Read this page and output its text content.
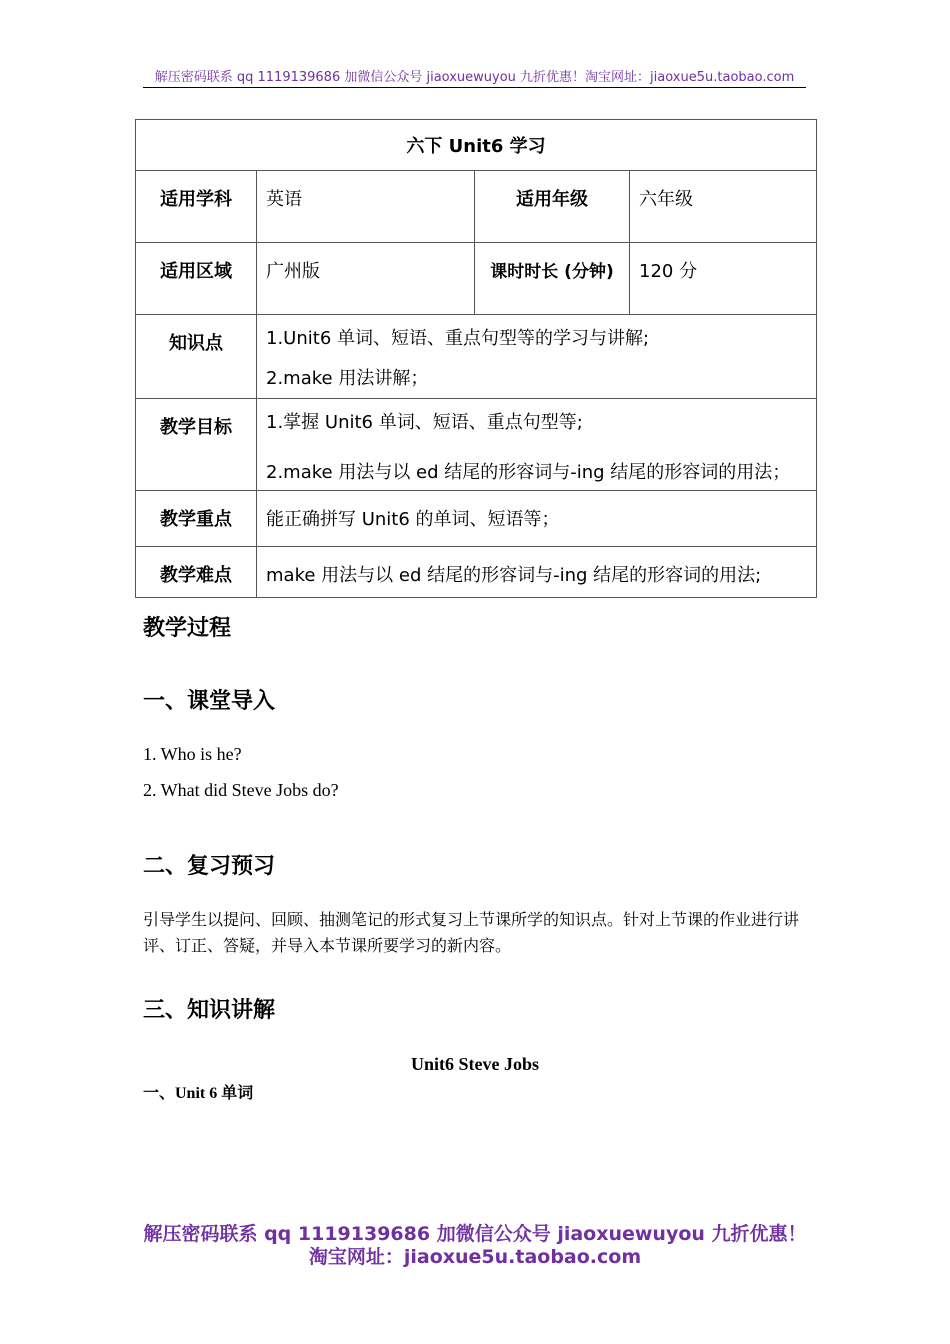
解压密码联系 qq 1119139686 加微信公众号 jiaoxuewuyou 九折优惠！淘宝网址：jiaoxue5u.taobao.com
六下 Unit6 学习			
适用学科	英语	适用年级	六年级
适用区域	广州版	课时时长 (分钟)	120 分
知识点	1.Unit6 单词、短语、重点句型等的学习与讲解;
2.make 用法讲解；		

教学目标	1.掌握 Unit6 单词、短语、重点句型等;
2.make 用法与以 ed 结尾的形容词与-ing 结尾的形容词的用法；		

教学重点	能正确拼写 Unit6 的单词、短语等；		
教学难点	make 用法与以 ed 结尾的形容词与-ing 结尾的形容词的用法;		
教学过程
一、课堂导入
1. Who is he?
2. What did Steve Jobs do?
二、复习预习
引导学生以提问、回顾、抽测笔记的形式复习上节课所学的知识点。针对上节课的作业进行讲评、订正、答疑，并导入本节课所要学习的新内容。
三、知识讲解
Unit6 Steve Jobs
一、Unit 6 单词
解压密码联系 qq 1119139686 加微信公众号 jiaoxuewuyou 九折优惠！
淘宝网址：jiaoxue5u.taobao.com
